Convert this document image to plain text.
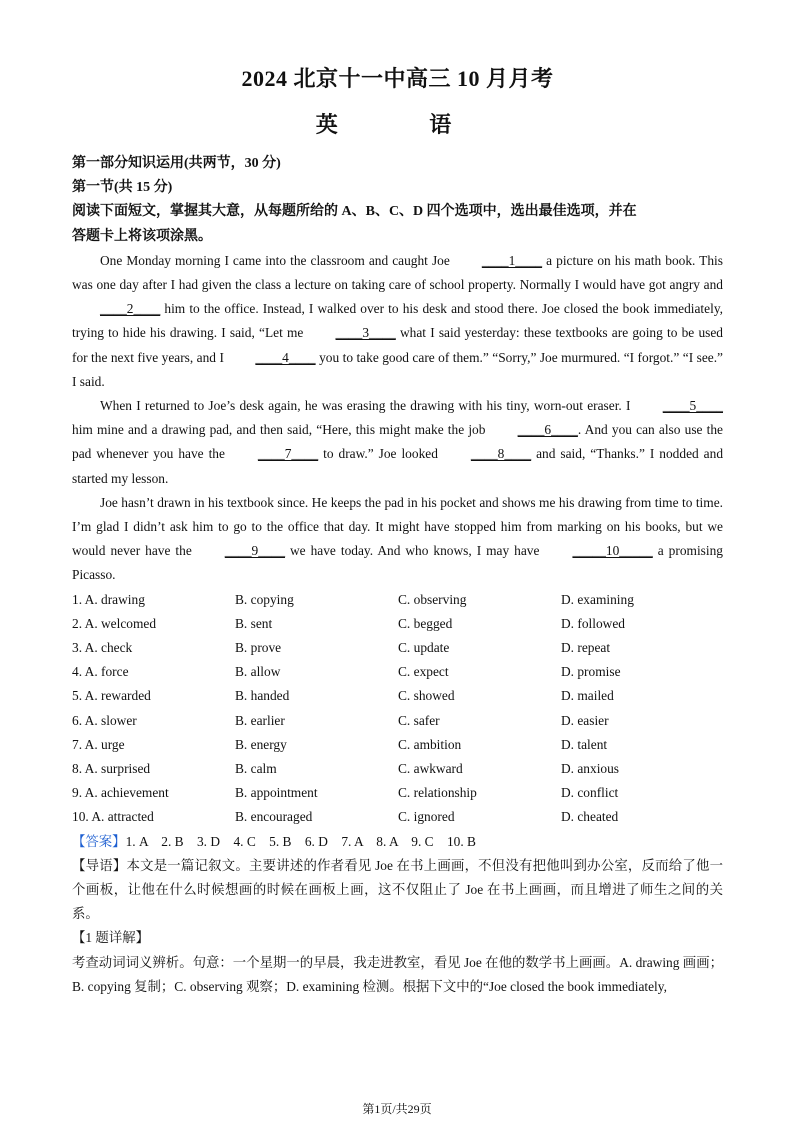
2024 北京十一中高三 10 月月考
英 语

第一部分知识运用(共两节，30 分)

第一节(共 15 分)

阅读下面短文，掌握其大意，从每题所给的 A、B、C、D 四个选项中，选出最佳选项，并在

答题卡上将该项涂黑。

One Monday morning I came into the classroom and caught Joe ____1____ a picture on his math book. This was one day after I had given the class a lecture on taking care of school property. Normally I would have got angry and ____2____ him to the office. Instead, I walked over to his desk and stood there. Joe closed the book immediately, trying to hide his drawing. I said, “Let me ____3____ what I said yesterday: these textbooks are going to be used for the next five years, and I ____4____ you to take good care of them.” “Sorry,” Joe murmured. “I forgot.” “I see.” I said.

When I returned to Joe’s desk again, he was erasing the drawing with his tiny, worn-out eraser. I ____5____ him mine and a drawing pad, and then said, “Here, this might make the job ____6____. And you can also use the pad whenever you have the ____7____ to draw.” Joe looked ____8____ and said, “Thanks.” I nodded and started my lesson.

Joe hasn’t drawn in his textbook since. He keeps the pad in his pocket and shows me his drawing from time to time. I’m glad I didn’t ask him to go to the office that day. It might have stopped him from marking on his books, but we would never have the ____9____ we have today. And who knows, I may have _____10_____ a promising Picasso.

1. A. drawing	B. copying	C. observing	D. examining
2. A. welcomed	B. sent	C. begged	D. followed
3. A. check	B. prove	C. update	D. repeat
4. A. force	B. allow	C. expect	D. promise
5. A. rewarded	B. handed	C. showed	D. mailed
6. A. slower	B. earlier	C. safer	D. easier
7. A. urge	B. energy	C. ambition	D. talent
8. A. surprised	B. calm	C. awkward	D. anxious
9. A. achievement	B. appointment	C. relationship	D. conflict
10. A. attracted	B. encouraged	C. ignored	D. cheated

【答案】1. A    2. B    3. D    4. C    5. B    6. D    7. A    8. A    9. C    10. B

【导语】本文是一篇记叙文。主要讲述的作者看见 Joe 在书上画画，不但没有把他叫到办公室，反而给了他一个画板，让他在什么时候想画的时候在画板上画，这不仅阻止了 Joe 在书上画画，而且增进了师生之间的关系。

【1 题详解】

考查动词词义辨析。句意：一个星期一的早晨，我走进教室，看见 Joe 在他的数学书上画画。A. drawing 画画；B. copying 复制；C. observing 观察；D. examining 检测。根据下文中的“Joe closed the book immediately,

第1页/共29页
